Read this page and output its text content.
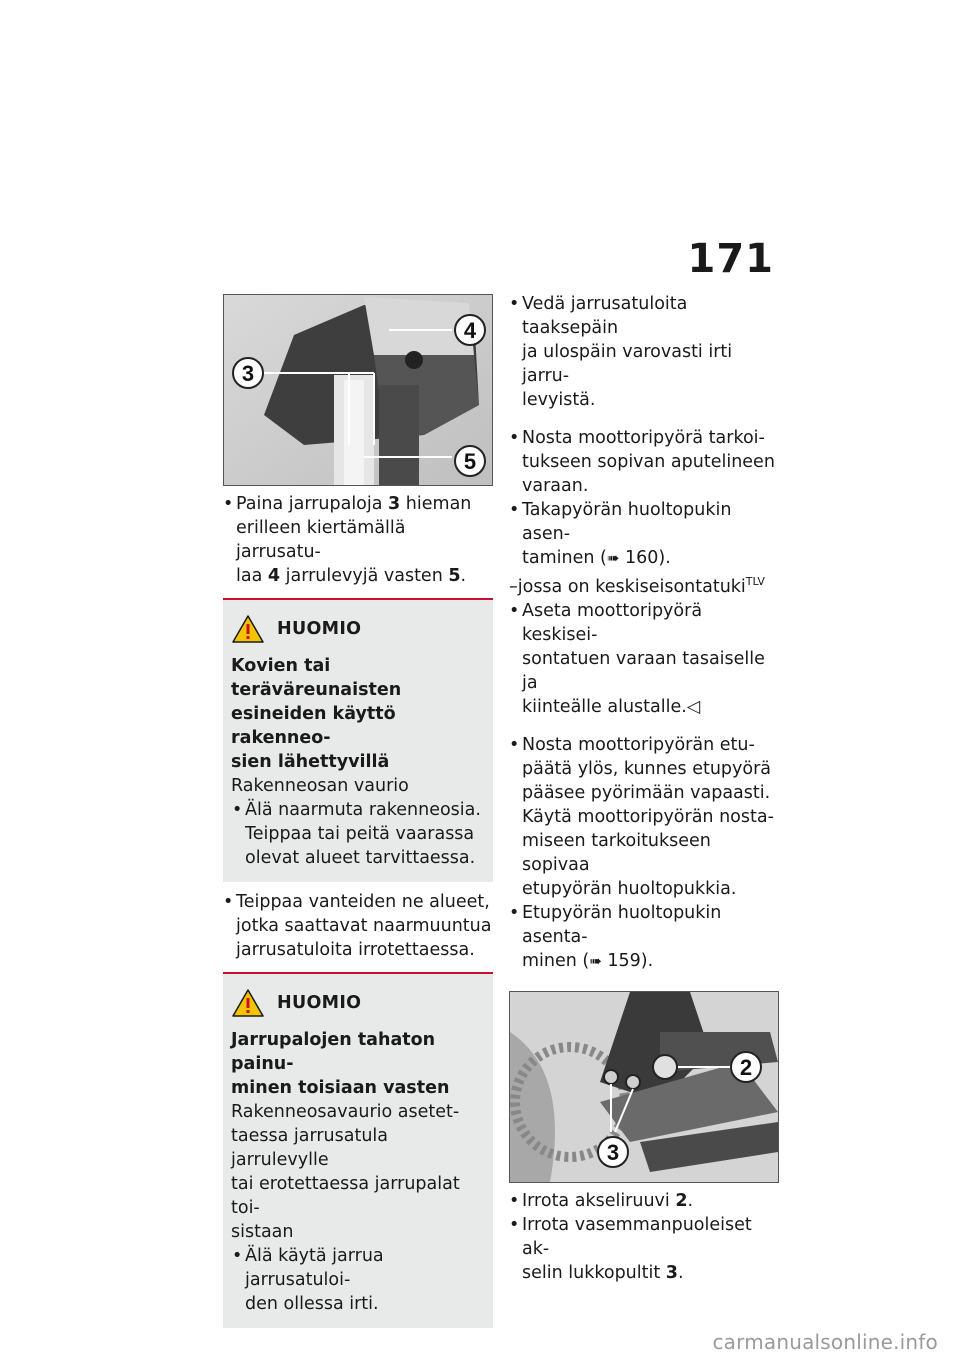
171
4
3
5
• Paina jarrupaloja 3 hieman
erilleen kiertämällä jarrusatu-
laa 4 jarrulevyjä vasten 5.
HUOMIO
Kovien tai teräväreunaisten
esineiden käyttö rakenneo-
sien lähettyvillä
Rakenneosan vaurio
• Älä naarmuta rakenneosia.
Teippaa tai peitä vaarassa
olevat alueet tarvittaessa.
• Teippaa vanteiden ne alueet,
jotka saattavat naarmuuntua
jarrusatuloita irrotettaessa.
HUOMIO
Jarrupalojen tahaton painu-
minen toisiaan vasten
Rakenneosavaurio asetet-
taessa jarrusatula jarrulevylle
tai erotettaessa jarrupalat toi-
sistaan
• Älä käytä jarrua jarrusatuloi-
den ollessa irti.
• Vedä jarrusatuloita taaksepäin
ja ulospäin varovasti irti jarru-
levyistä.
• Nosta moottoripyörä tarkoi-
tukseen sopivan aputelineen
varaan.
• Takapyörän huoltopukin asen-
taminen (➠ 160).
–jossa on keskiseisontatuki$^{TLV}$
• Aseta moottoripyörä keskisei-
sontatuen varaan tasaiselle ja
kiinteälle alustalle.◁
• Nosta moottoripyörän etu-
päätä ylös, kunnes etupyörä
pääsee pyörimään vapaasti.
Käytä moottoripyörän nosta-
miseen tarkoitukseen sopivaa
etupyörän huoltopukkia.
• Etupyörän huoltopukin asenta-
minen (➠ 159).
2
3
• Irrota akseliruuvi 2.
• Irrota vasemmanpuoleiset ak-
selin lukkopultit 3.
carmanualsonline.info
